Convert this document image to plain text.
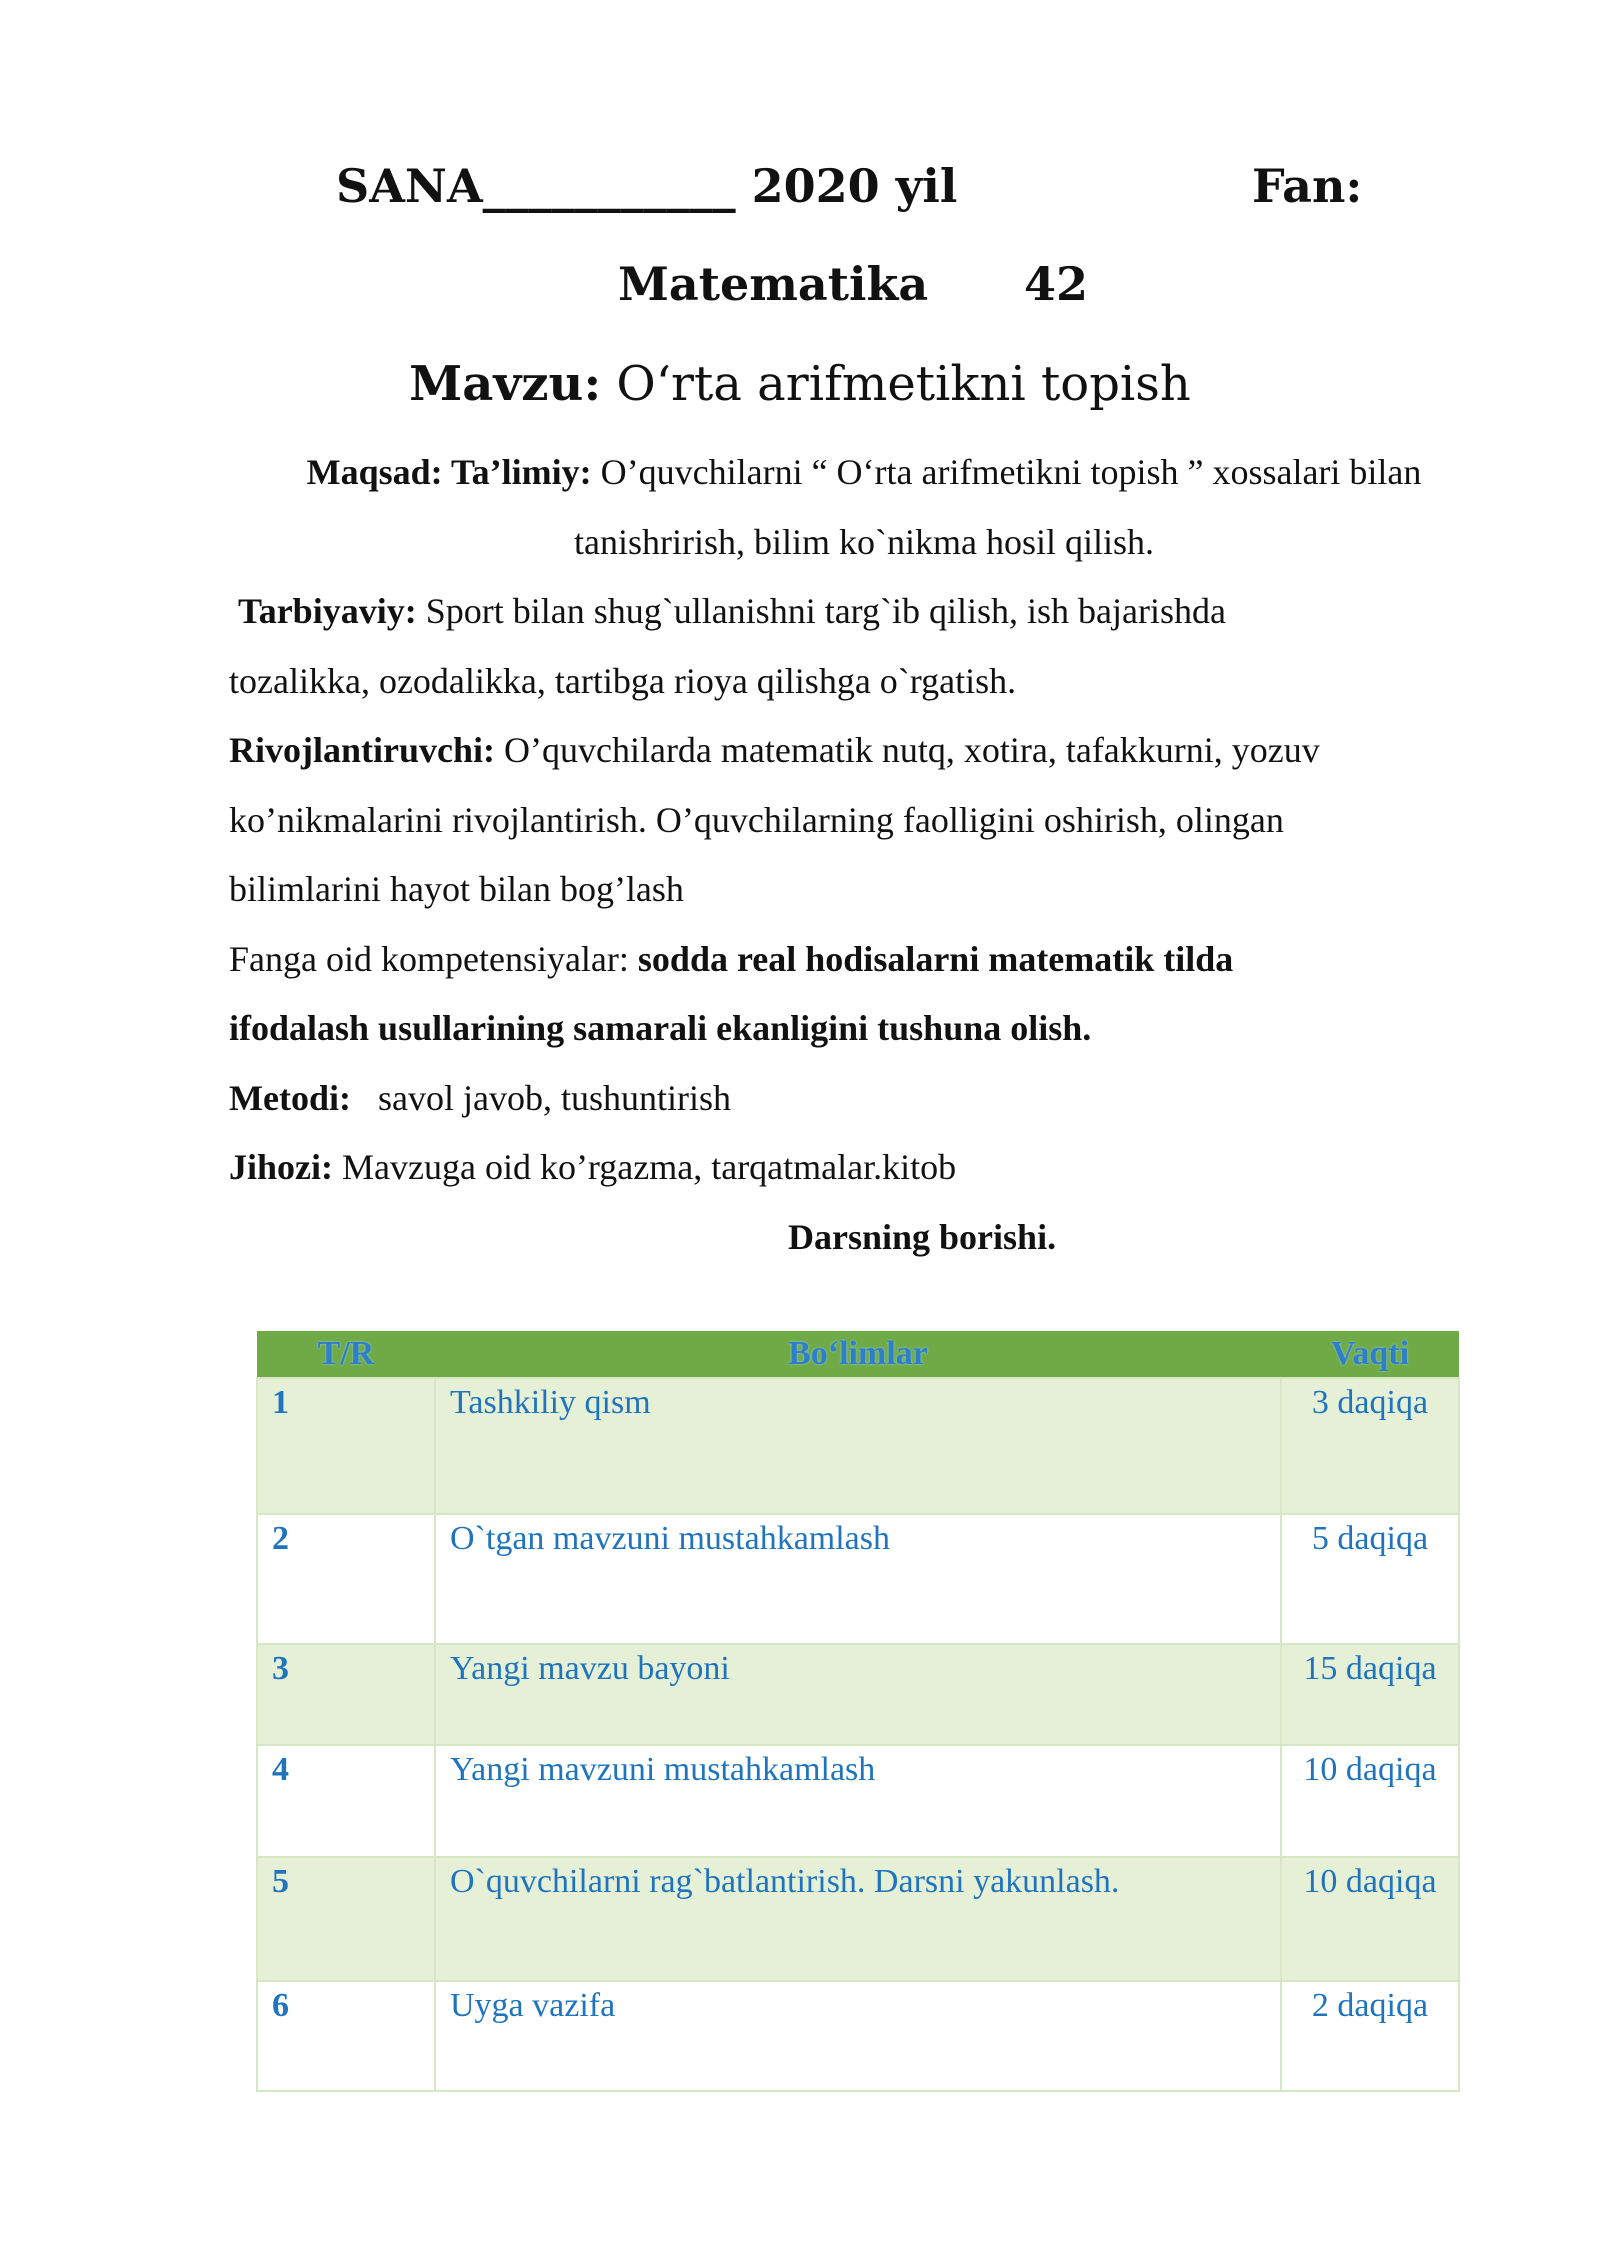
SANA___________ 2020 yil	Fan:
Matematika 42
Mavzu: O‘rta arifmetikni topish

Maqsad: Ta’limiy: O’quvchilarni “ O‘rta arifmetikni topish ” xossalari bilan

tanishrirish, bilim ko`nikma hosil qilish.

Tarbiyaviy: Sport bilan shug`ullanishni targ`ib qilish, ish bajarishda

tozalikka, ozodalikka, tartibga rioya qilishga o`rgatish.

Rivojlantiruvchi: O’quvchilarda matematik nutq, xotira, tafakkurni, yozuv

ko’nikmalarini rivojlantirish. O’quvchilarning faolligini oshirish, olingan

bilimlarini hayot bilan bog’lash

Fanga oid kompetensiyalar: sodda real hodisalarni matematik tilda

ifodalash usullarining samarali ekanligini tushuna olish.

Metodi:   savol javob, tushuntirish

Jihozi: Mavzuga oid ko’rgazma, tarqatmalar.kitob

Darsning borishi.
T/R	Bo‘limlar	Vaqti
1	Tashkiliy qism	3 daqiqa
2	O`tgan mavzuni mustahkamlash	5 daqiqa
3	Yangi mavzu bayoni	15 daqiqa
4	Yangi mavzuni mustahkamlash	10 daqiqa
5	O`quvchilarni rag`batlantirish. Darsni yakunlash.	10 daqiqa
6	Uyga vazifa	2 daqiqa
